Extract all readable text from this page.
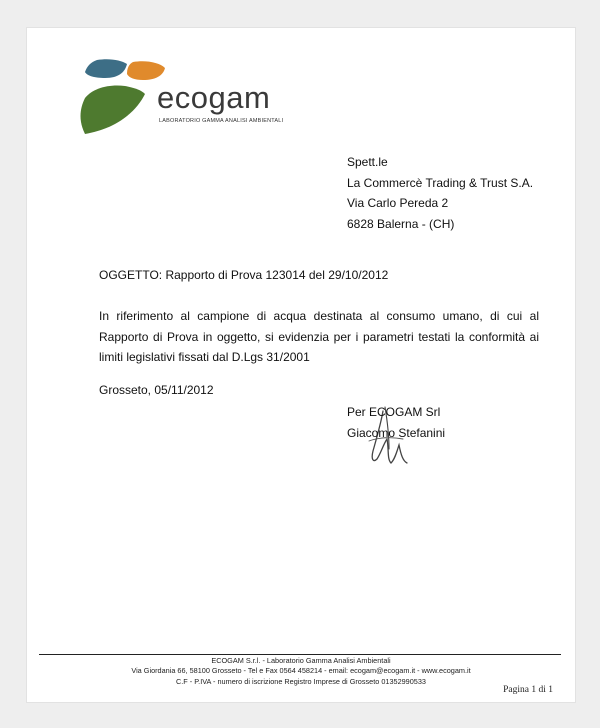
ecogam
LABORATORIO GAMMA ANALISI AMBIENTALI
Spett.le
La Commercè Trading & Trust S.A.
Via Carlo Pereda 2
6828 Balerna - (CH)
OGGETTO: Rapporto di Prova 123014 del 29/10/2012
In riferimento al campione di acqua destinata al consumo umano, di cui al Rapporto di Prova in oggetto, si evidenzia per i parametri testati la conformità ai limiti legislativi fissati dal D.Lgs 31/2001
Grosseto, 05/11/2012
Per ECOGAM Srl
Giacomo Stefanini
ECOGAM S.r.l. - Laboratorio Gamma Analisi Ambientali
Via Giordania 66, 58100 Grosseto - Tel e Fax 0564 458214 - email: ecogam@ecogam.it - www.ecogam.it
C.F - P.IVA - numero di iscrizione Registro Imprese di Grosseto 01352990533
Pagina 1 di 1
